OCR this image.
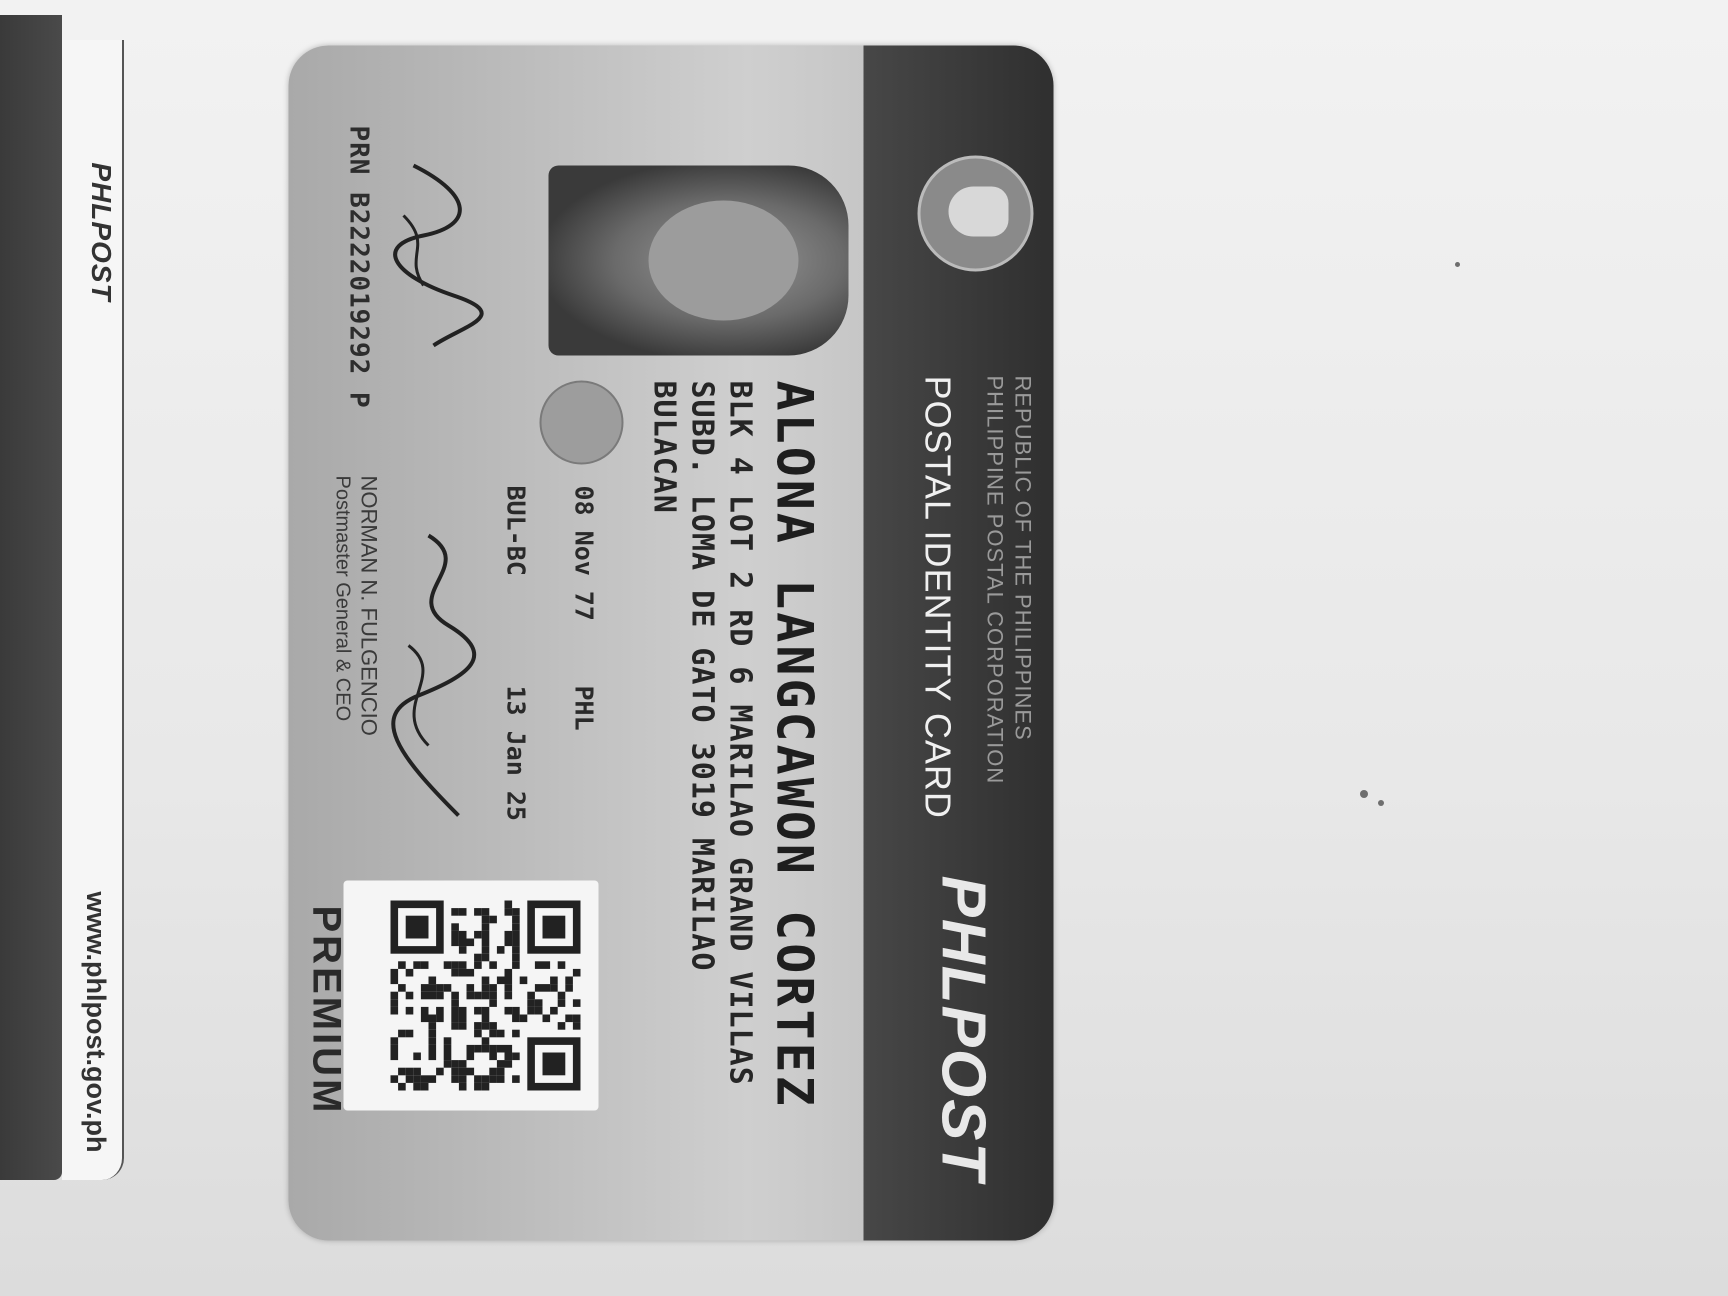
PHLPOST
www.phlpost.gov.ph
REPUBLIC OF THE PHILIPPINES
PHILIPPINE POSTAL CORPORATION
POSTAL IDENTITY CARD
PHLPOST
ALONA LANGCAWON CORTEZ
BLK 4 LOT 2 RD 6 MARILAO GRAND VILLAS
SUBD. LOMA DE GATO 3019 MARILAO
BULACAN
08 Nov 77
PHL
BUL-BC
13 Jan 25
NORMAN N. FULGENCIO
Postmaster General & CEO
PRN B2222019292 P
PREMIUM
